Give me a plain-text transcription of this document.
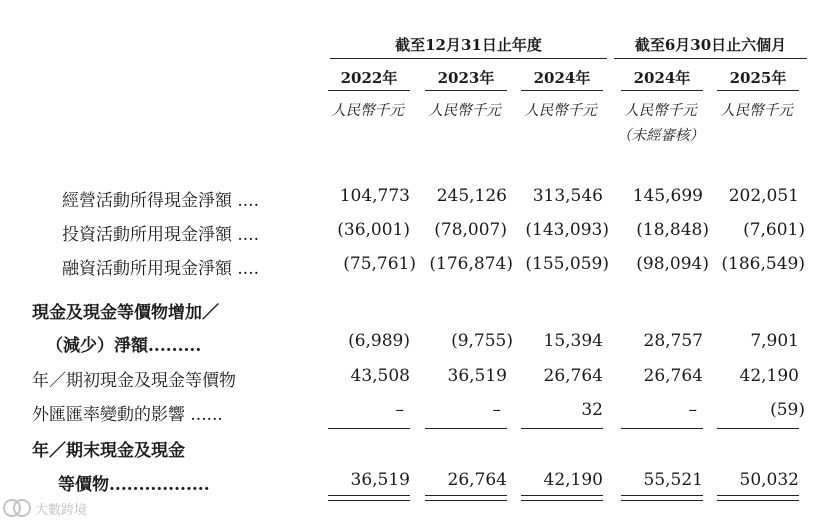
截至12月31日止年度	截至6月30日止六個月
2022年	2023年	2024年	2024年	2025年
人民幣千元	人民幣千元	人民幣千元	人民幣千元	人民幣千元
（未經審核）
經營活動所得現金淨額 ....	104,773	245,126	313,546	145,699	202,051
投資活動所用現金淨額 ....	(36,001)	(78,007)	(143,093)	(18,848)	(7,601)
融資活動所用現金淨額 ....	(75,761) (176,874) (155,059)	(98,094) (186,549)
現金及現金等價物增加／
（減少）淨額.........	(6,989)	(9,755)	15,394	28,757	7,901
年／期初現金及現金等價物	43,508	36,519	26,764	26,764	42,190
外匯匯率變動的影響 ......	–	–	32	–	(59)
年／期末現金及現金
等價物.................	36,519	26,764	42,190	55,521	50,032
大數跨境
